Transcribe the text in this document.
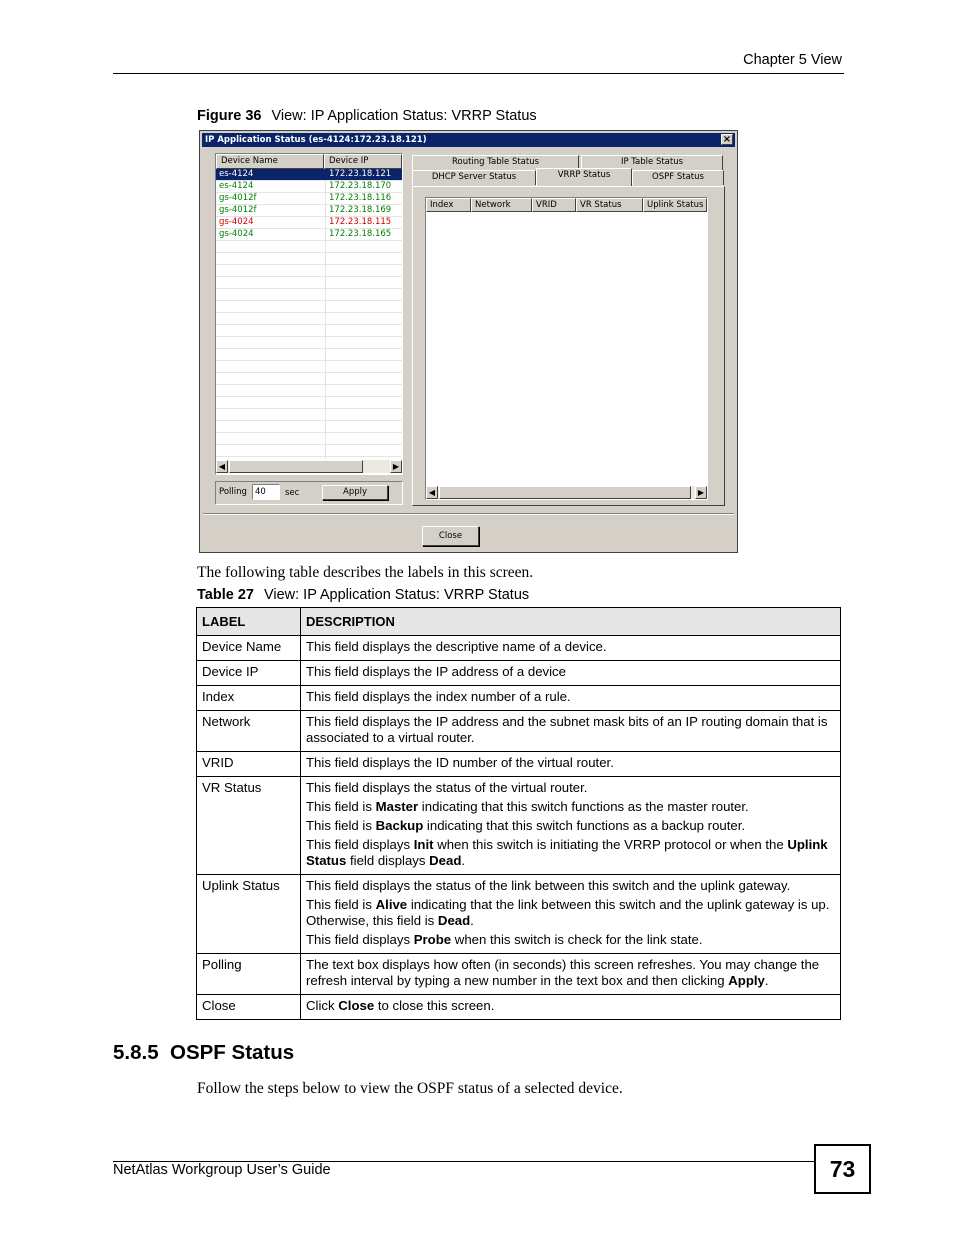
Chapter 5 View
Figure 36 View: IP Application Status: VRRP Status
IP Application Status (es-4124:172.23.18.121)	×
Device Name	Device IP
es-4124	172.23.18.121
es-4124	172.23.18.170
gs-4012f	172.23.18.116
gs-4012f	172.23.18.169
gs-4024	172.23.18.115
gs-4024	172.23.18.165
◀	▶
Polling 40	sec	Apply
Routing Table Status	IP Table Status
DHCP Server Status	VRRP Status	OSPF Status
Index	Network	VRID	VR Status	Uplink Status
◀	▶
Close
The following table describes the labels in this screen.
Table 27 View: IP Application Status: VRRP Status
LABEL	DESCRIPTION
Device Name	This field displays the descriptive name of a device.

Device IP	This field displays the IP address of a device

Index	This field displays the index number of a rule.

Network	This field displays the IP address and the subnet mask bits of an IP routing domain that is associated to a virtual router.

VRID	This field displays the ID number of the virtual router.

VR Status	This field displays the status of the virtual router.

This field is Master indicating that this switch functions as the master router.

This field is Backup indicating that this switch functions as a backup router.

This field displays Init when this switch is initiating the VRRP protocol or when the Uplink Status field displays Dead.

Uplink Status	This field displays the status of the link between this switch and the uplink gateway.

This field is Alive indicating that the link between this switch and the uplink gateway is up. Otherwise, this field is Dead.

This field displays Probe when this switch is check for the link state.

Polling	The text box displays how often (in seconds) this screen refreshes. You may change the refresh interval by typing a new number in the text box and then clicking Apply.

Close	Click Close to close this screen.

5.8.5 OSPF Status
Follow the steps below to view the OSPF status of a selected device.
NetAtlas Workgroup User’s Guide	73
